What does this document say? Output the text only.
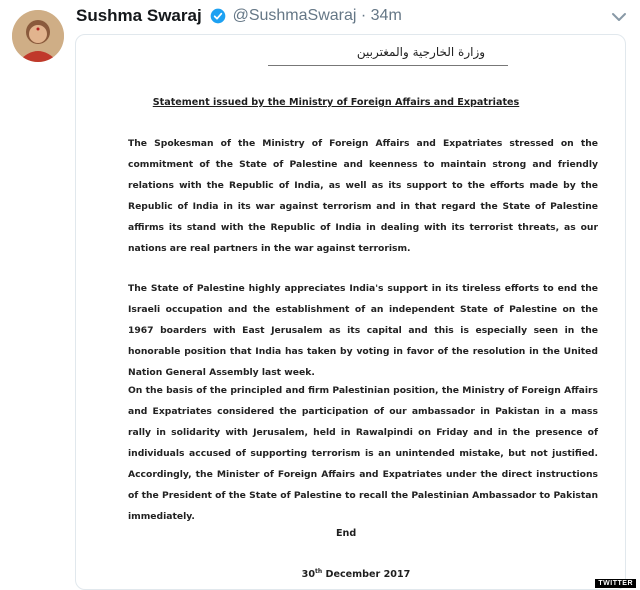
Sushma Swaraj @SushmaSwaraj · 34m
وزارة الخارجية والمغتربين
Statement issued by the Ministry of Foreign Affairs and Expatriates

The Spokesman of the Ministry of Foreign Affairs and Expatriates stressed on the commitment of the State of Palestine and keenness to maintain strong and friendly relations with the Republic of India, as well as its support to the efforts made by the Republic of India in its war against terrorism and in that regard the State of Palestine affirms its stand with the Republic of India in dealing with its terrorist threats, as our nations are real partners in the war against terrorism.

The State of Palestine highly appreciates India's support in its tireless efforts to end the Israeli occupation and the establishment of an independent State of Palestine on the 1967 boarders with East Jerusalem as its capital and this is especially seen in the honorable position that India has taken by voting in favor of the resolution in the United Nation General Assembly last week.

On the basis of the principled and firm Palestinian position, the Ministry of Foreign Affairs and Expatriates considered the participation of our ambassador in Pakistan in a mass rally in solidarity with Jerusalem, held in Rawalpindi on Friday and in the presence of individuals accused of supporting terrorism is an unintended mistake, but not justified. Accordingly, the Minister of Foreign Affairs and Expatriates under the direct instructions of the President of the State of Palestine to recall the Palestinian Ambassador to Pakistan immediately.

End
30th December 2017
TWITTER
